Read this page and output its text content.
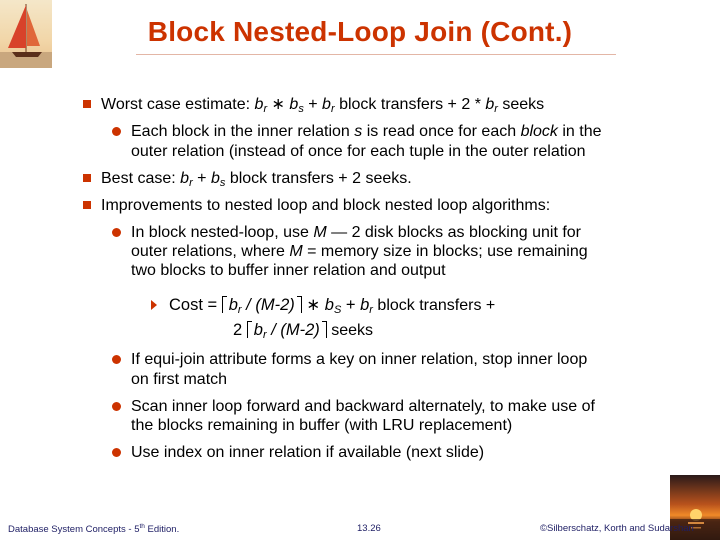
Block Nested-Loop Join (Cont.)
Worst case estimate: br ∗ bs + br block transfers + 2 * br seeks
Each block in the inner relation s is read once for each block in the
outer relation (instead of once for each tuple in the outer relation
Best case: br + bs block transfers + 2 seeks.
Improvements to nested loop and block nested loop algorithms:
In block nested-loop, use M — 2 disk blocks as blocking unit for
outer relations, where M = memory size in blocks; use remaining
two blocks to buffer inner relation and output
Cost = br / (M-2) ∗ bS + br block transfers +
2 br / (M-2) seeks
If equi-join attribute forms a key on inner relation, stop inner loop
on first match
Scan inner loop forward and backward alternately, to make use of
the blocks remaining in buffer (with LRU replacement)
Use index on inner relation if available (next slide)
Database System Concepts - 5th Edition.	13.26	©Silberschatz, Korth and Sudarshan
